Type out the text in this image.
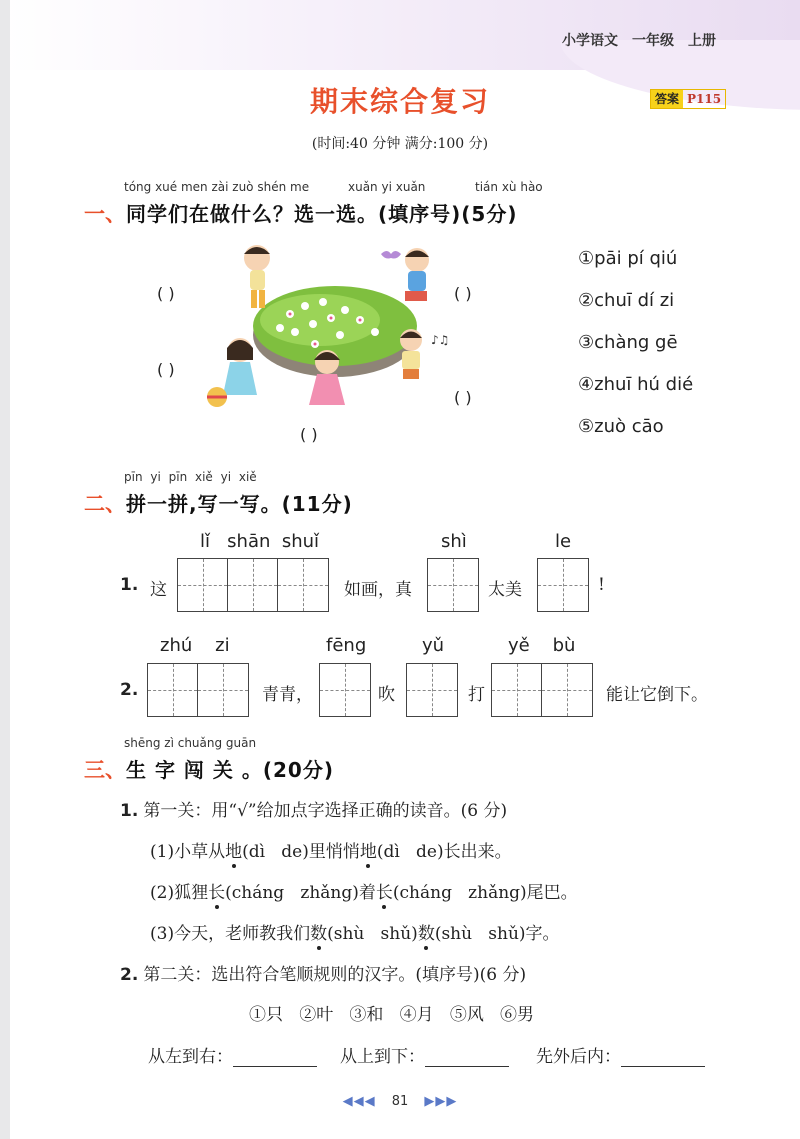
小学语文 一年级 上册
期末综合复习	答案 P115
(时间:40 分钟 满分:100 分)
tóng xué men zài zuò shén me	xuǎn yi xuǎn	tián xù hào
一、同学们在做什么？选一选。(填序号)(5分)
♪♫
( )	( )
( )
( )
( )
①pāi pí qiú
②chuī dí zi
③chàng gē
④zhuī hú dié
⑤zuò cāo
pīn yi pīn xiě yi xiě
二、拼一拼,写一写。(11分)
lǐ   shān  shuǐ	shì	le
1. 这	如画，真	太美	!
zhú    zi	fēng	yǔ	yě    bù
2.	青青，	吹	打	能让它倒下。
shēng zì chuǎng guān
三、生 字 闯 关 。(20分)
1. 第一关：用“√”给加点字选择正确的读音。(6 分)
(1)小草从地(dì   de)里悄悄地(dì   de)长出来。
(2)狐狸长(cháng   zhǎng)着长(cháng   zhǎng)尾巴。
(3)今天，老师教我们数(shù   shǔ)数(shù   shǔ)字。
2. 第二关：选出符合笔顺规则的汉字。(填序号)(6 分)
①只   ②叶   ③和   ④月   ⑤风   ⑥男
从左到右：	从上到下：	先外后内：
◀◀◀ 81 ▶▶▶
